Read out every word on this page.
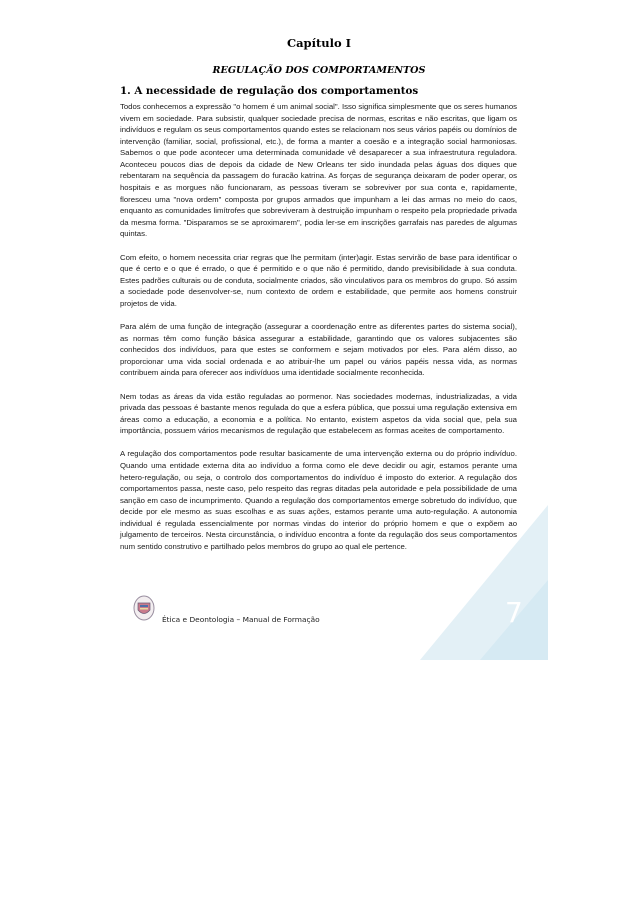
Capítulo I
REGULAÇÃO DOS COMPORTAMENTOS
1. A necessidade de regulação dos comportamentos

Todos conhecemos a expressão "o homem é um animal social". Isso significa simplesmente que os seres humanos vivem em sociedade. Para subsistir, qualquer sociedade precisa de normas, escritas e não escritas, que ligam os indivíduos e regulam os seus comportamentos quando estes se relacionam nos seus vários papéis ou domínios de intervenção (familiar, social, profissional, etc.), de forma a manter a coesão e a integração social harmoniosas. Sabemos o que pode acontecer uma determinada comunidade vê desaparecer a sua infraestrutura reguladora. Aconteceu poucos dias de depois da cidade de New Orleans ter sido inundada pelas águas dos diques que rebentaram na sequência da passagem do furacão katrina. As forças de segurança deixaram de poder operar, os hospitais e as morgues não funcionaram, as pessoas tiveram se sobreviver por sua conta e, rapidamente, floresceu uma "nova ordem" composta por grupos armados que impunham a lei das armas no meio do caos, enquanto as comunidades limítrofes que sobreviveram à destruição impunham o respeito pela propriedade privada da mesma forma. "Disparamos se se aproximarem", podia ler-se em inscrições garrafais nas paredes de algumas quintas.

Com efeito, o homem necessita criar regras que lhe permitam (inter)agir. Estas servirão de base para identificar o que é certo e o que é errado, o que é permitido e o que não é permitido, dando previsibilidade à sua conduta. Estes padrões culturais ou de conduta, socialmente criados, são vinculativos para os membros do grupo. Só assim a sociedade pode desenvolver-se, num contexto de ordem e estabilidade, que permite aos homens construir projetos de vida.

Para além de uma função de integração (assegurar a coordenação entre as diferentes partes do sistema social), as normas têm como função básica assegurar a estabilidade, garantindo que os valores subjacentes são conhecidos dos indivíduos, para que estes se conformem e sejam motivados por eles. Para além disso, ao proporcionar uma vida social ordenada e ao atribuir-lhe um papel ou vários papéis nessa vida, as normas contribuem ainda para oferecer aos indivíduos uma identidade socialmente reconhecida.

Nem todas as áreas da vida estão reguladas ao pormenor. Nas sociedades modernas, industrializadas, a vida privada das pessoas é bastante menos regulada do que a esfera pública, que possui uma regulação extensiva em áreas como a educação, a economia e a política. No entanto, existem aspetos da vida social que, pela sua importância, possuem vários mecanismos de regulação que estabelecem as formas aceites de comportamento.

A regulação dos comportamentos pode resultar basicamente de uma intervenção externa ou do próprio indivíduo. Quando uma entidade externa dita ao indivíduo a forma como ele deve decidir ou agir, estamos perante uma hetero-regulação, ou seja, o controlo dos comportamentos do indivíduo é imposto do exterior. A regulação dos comportamentos passa, neste caso, pelo respeito das regras ditadas pela autoridade e pela possibilidade de uma sanção em caso de incumprimento. Quando a regulação dos comportamentos emerge sobretudo do indivíduo, que decide por ele mesmo as suas escolhas e as suas ações, estamos perante uma auto-regulação. A autonomia individual é regulada essencialmente por normas vindas do interior do próprio homem e que o expõem ao julgamento de terceiros. Nesta circunstância, o indivíduo encontra a fonte da regulação dos seus comportamentos num sentido construtivo e partilhado pelos membros do grupo ao qual ele pertence.

Ética e Deontologia – Manual de Formação	7
